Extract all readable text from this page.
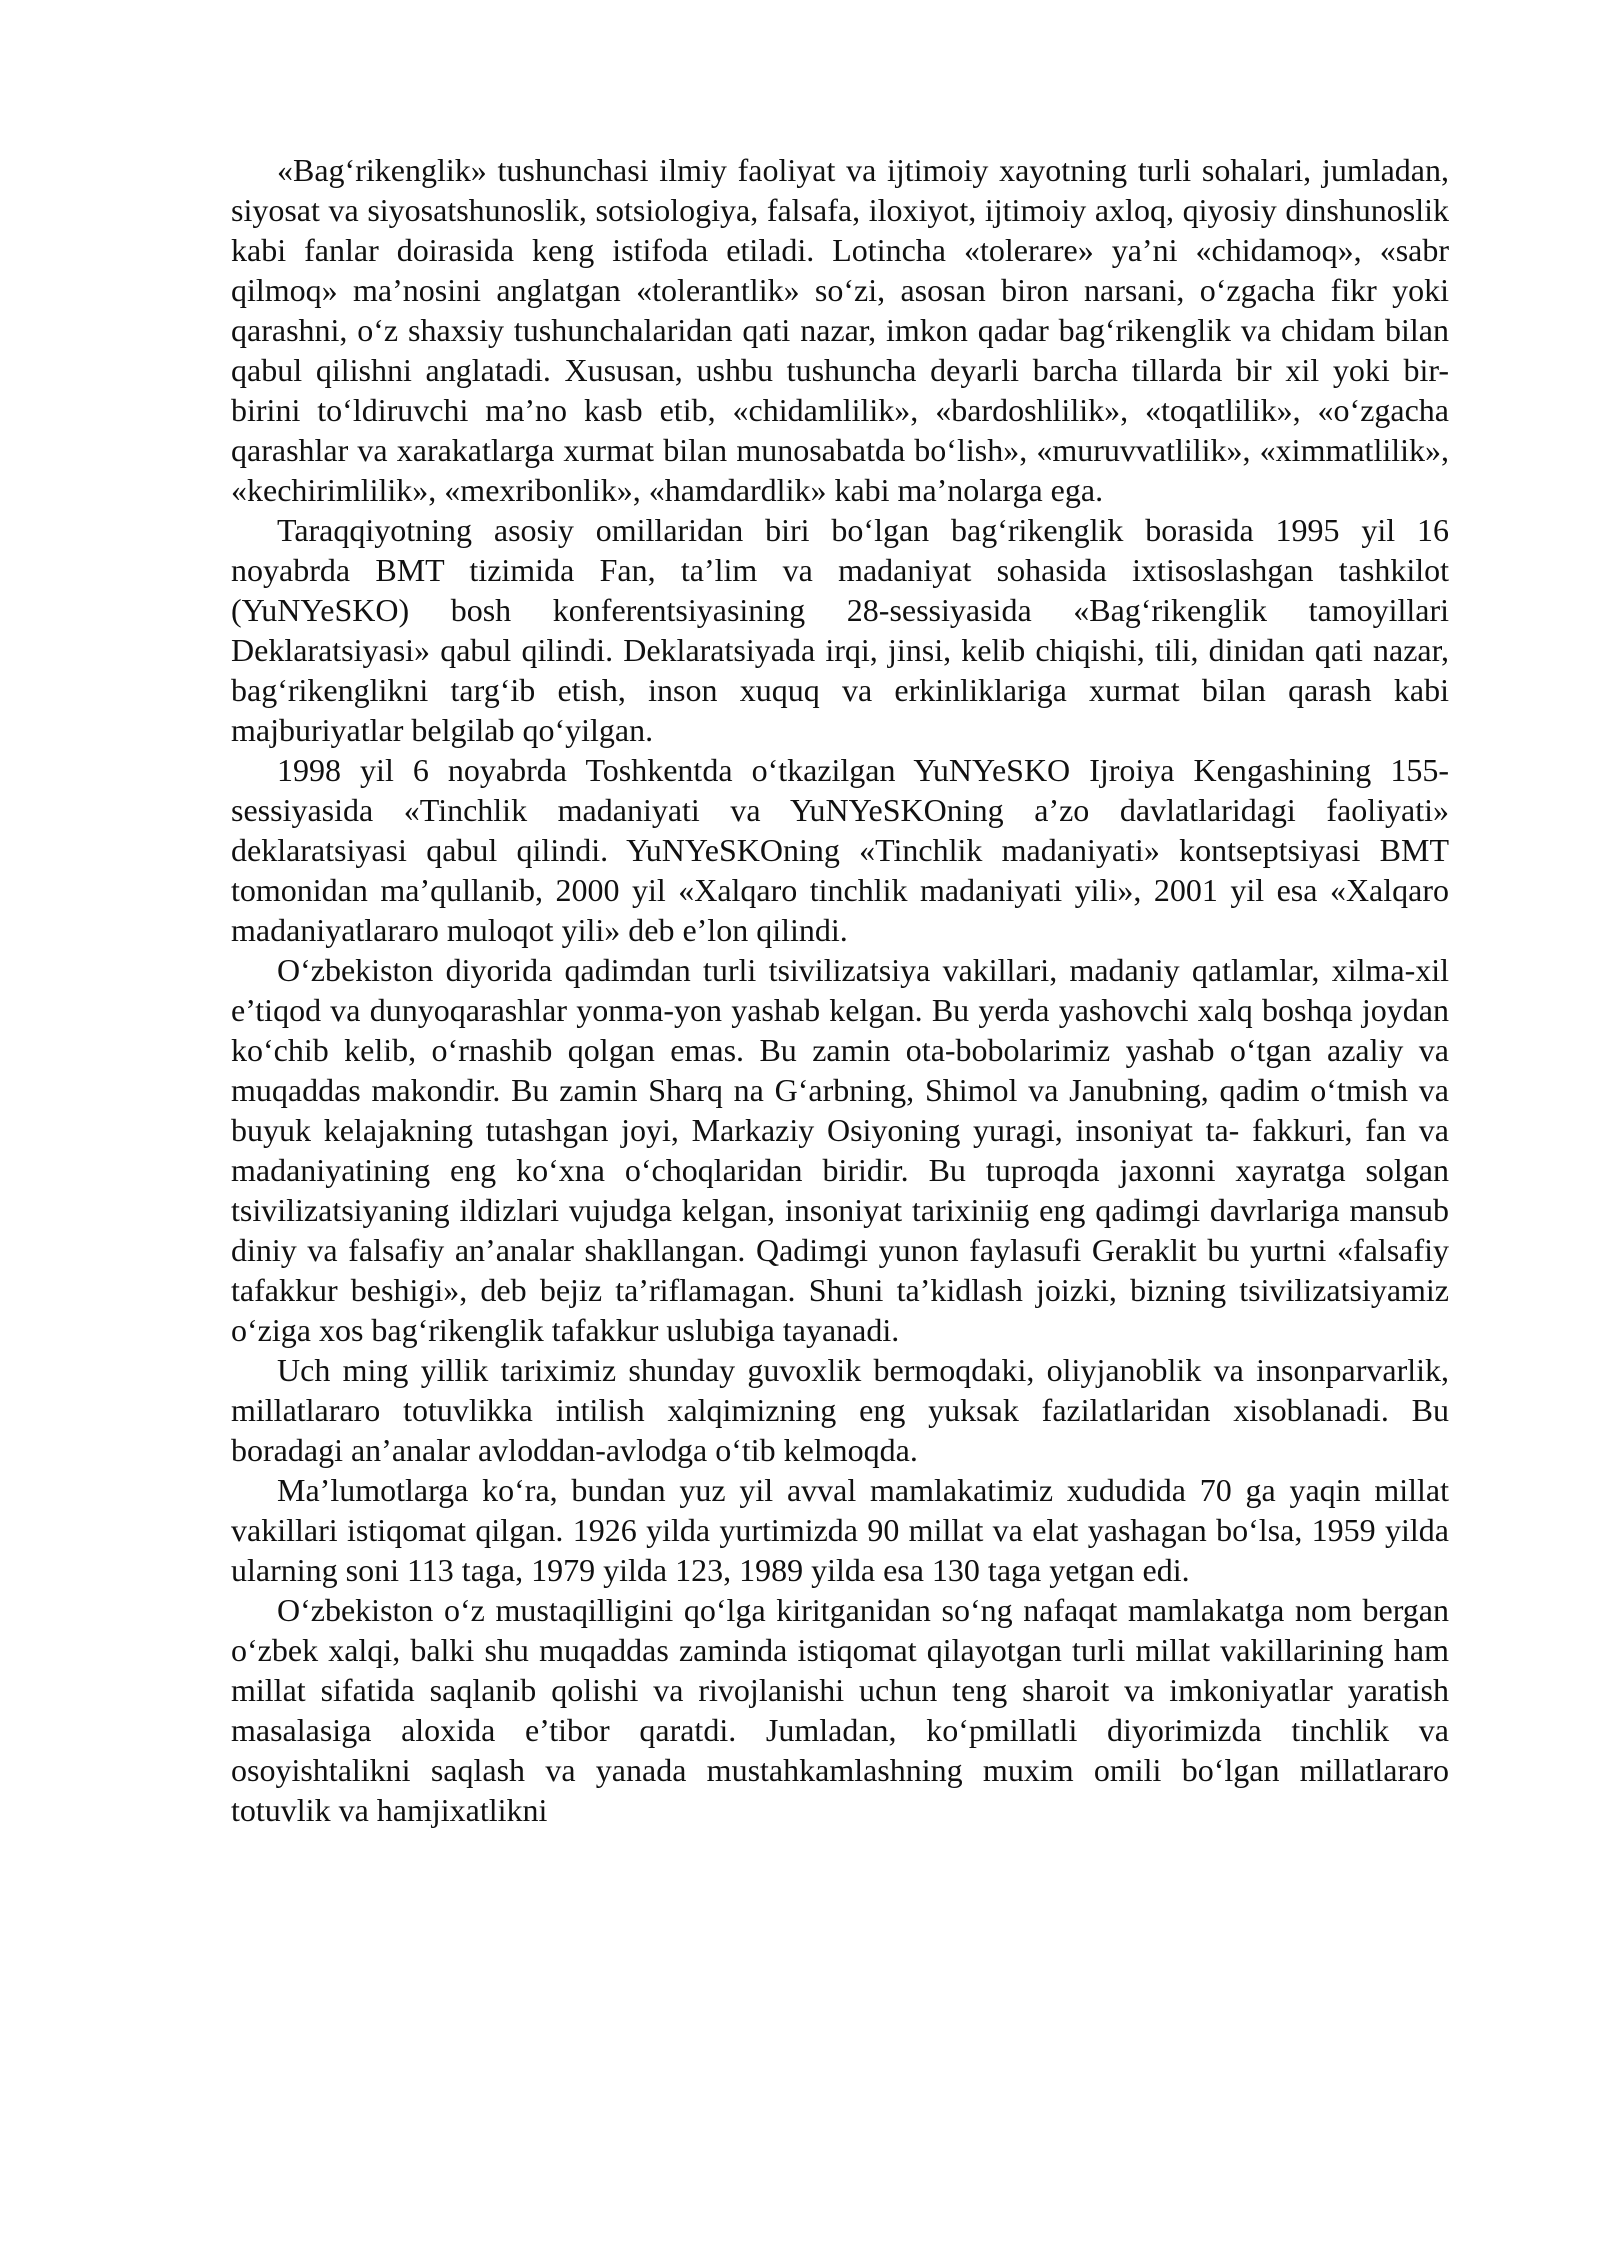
«Bag‘rikenglik» tushunchasi ilmiy faoliyat va ijtimoiy xayotning turli sohalari, jumladan, siyosat va siyosatshunoslik, sotsiologiya, falsafa, iloxiyot, ijtimoiy axloq, qiyosiy dinshunoslik kabi fanlar doirasida keng istifoda etiladi. Lotincha «tolerare» ya’ni «chidamoq», «sabr qilmoq» ma’nosini anglatgan «tolerantlik» so‘zi, asosan biron narsani, o‘zgacha fikr yoki qarashni, o‘z shaxsiy tushunchalaridan qati nazar, imkon qadar bag‘rikenglik va chidam bilan qabul qilishni anglatadi. Xususan, ushbu tushuncha deyarli barcha tillarda bir xil yoki bir-birini to‘ldiruvchi ma’no kasb etib, «chidamlilik», «bardoshlilik», «toqatlilik», «o‘zgacha qarashlar va xarakatlarga xurmat bilan munosabatda bo‘lish», «muruvvatlilik», «ximmatlilik», «kechirimlilik», «mexribonlik», «hamdardlik» kabi ma’nolarga ega.

Taraqqiyotning asosiy omillaridan biri bo‘lgan bag‘rikenglik borasida 1995 yil 16 noyabrda BMT tizimida Fan, ta’lim va madaniyat sohasida ixtisoslashgan tashkilot (YuNYeSKO) bosh konferentsiyasining 28-sessiyasida «Bag‘rikenglik tamoyillari Deklaratsiyasi» qabul qilindi. Deklaratsiyada irqi, jinsi, kelib chiqishi, tili, dinidan qati nazar, bag‘rikenglikni targ‘ib etish, inson xuquq va erkinliklariga xurmat bilan qarash kabi majburiyatlar belgilab qo‘yilgan.

1998 yil 6 noyabrda Toshkentda o‘tkazilgan YuNYeSKO Ijroiya Kengashining 155- sessiyasida «Tinchlik madaniyati va YuNYeSKOning a’zo davlatlaridagi faoliyati» deklaratsiyasi qabul qilindi. YuNYeSKOning «Tinchlik madaniyati» kontseptsiyasi BMT tomonidan ma’qullanib, 2000 yil «Xalqaro tinchlik madaniyati yili», 2001 yil esa «Xalqaro madaniyatlararo muloqot yili» deb e’lon qilindi.

O‘zbekiston diyorida qadimdan turli tsivilizatsiya vakillari, madaniy qatlamlar, xilma-xil e’tiqod va dunyoqarashlar yonma-yon yashab kelgan. Bu yerda yashovchi xalq boshqa joydan ko‘chib kelib, o‘rnashib qolgan emas. Bu zamin ota-bobolarimiz yashab o‘tgan azaliy va muqaddas makondir. Bu zamin Sharq na G‘arbning, Shimol va Janubning, qadim o‘tmish va buyuk kelajakning tutashgan joyi, Markaziy Osiyoning yuragi, insoniyat ta- fakkuri, fan va madaniyatining eng ko‘xna o‘choqlaridan biridir. Bu tuproqda jaxonni xayratga solgan tsivilizatsiyaning ildizlari vujudga kelgan, insoniyat tarixiniig eng qadimgi davrlariga mansub diniy va falsafiy an’analar shakllangan. Qadimgi yunon faylasufi Geraklit bu yurtni «falsafiy tafakkur beshigi», deb bejiz ta’riflamagan. Shuni ta’kidlash joizki, bizning tsivilizatsiyamiz o‘ziga xos bag‘rikenglik tafakkur uslubiga tayanadi.

Uch ming yillik tariximiz shunday guvoxlik bermoqdaki, oliyjanoblik va insonparvarlik, millatlararo totuvlikka intilish xalqimizning eng yuksak fazilatlaridan xisoblanadi. Bu boradagi an’analar avloddan-avlodga o‘tib kelmoqda.

Ma’lumotlarga ko‘ra, bundan yuz yil avval mamlakatimiz xududida 70 ga yaqin millat vakillari istiqomat qilgan. 1926 yilda yurtimizda 90 millat va elat yashagan bo‘lsa, 1959 yilda ularning soni 113 taga, 1979 yilda 123, 1989 yilda esa 130 taga yetgan edi.

O‘zbekiston o‘z mustaqilligini qo‘lga kiritganidan so‘ng nafaqat mamlakatga nom bergan o‘zbek xalqi, balki shu muqaddas zaminda istiqomat qilayotgan turli millat vakillarining ham millat sifatida saqlanib qolishi va rivojlanishi uchun teng sharoit va imkoniyatlar yaratish masalasiga aloxida e’tibor qaratdi. Jumladan, ko‘pmillatli diyorimizda tinchlik va osoyishtalikni saqlash va yanada mustahkamlashning muxim omili bo‘lgan millatlararo totuvlik va hamjixatlikni
